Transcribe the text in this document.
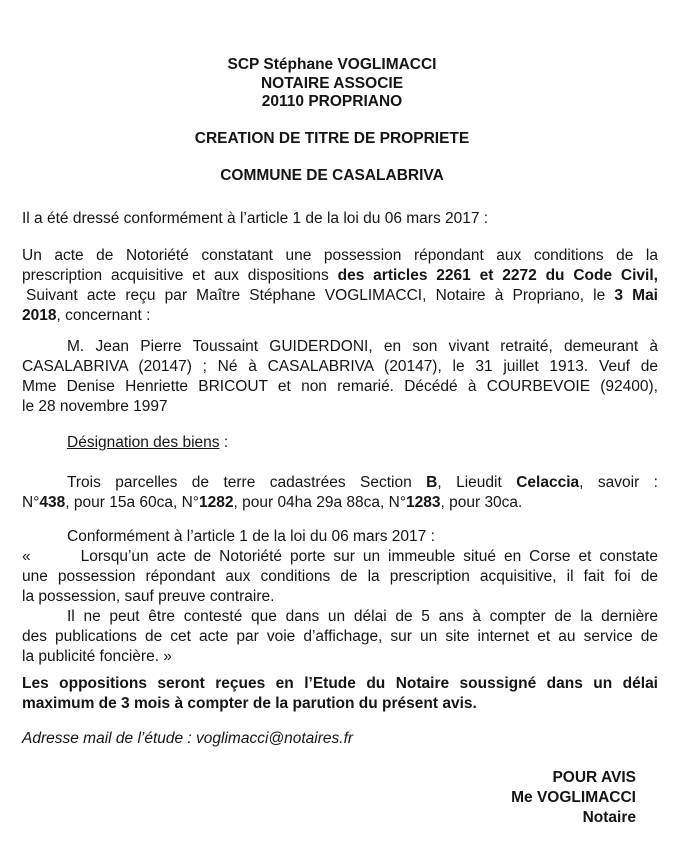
SCP Stéphane VOGLIMACCI
NOTAIRE ASSOCIE
20110 PROPRIANO
CREATION DE TITRE DE PROPRIETE
COMMUNE DE CASALABRIVA
Il a été dressé conformément à l’article 1 de la loi du 06 mars 2017 :
Un acte de Notoriété constatant une possession répondant aux conditions de la
prescription acquisitive et aux dispositions des articles 2261 et 2272 du Code Civil,
Suivant acte reçu par Maître Stéphane VOGLIMACCI, Notaire à Propriano, le 3 Mai
2018, concernant :
M. Jean Pierre Toussaint GUIDERDONI, en son vivant retraité, demeurant à
CASALABRIVA (20147) ; Né à CASALABRIVA (20147), le 31 juillet 1913. Veuf de
Mme Denise Henriette BRICOUT et non remarié. Décédé à COURBEVOIE (92400),
le 28 novembre 1997
Désignation des biens :
Trois parcelles de terre cadastrées Section B, Lieudit Celaccia, savoir :
N°438, pour 15a 60ca, N°1282, pour 04ha 29a 88ca, N°1283, pour 30ca.
Conformément à l’article 1 de la loi du 06 mars 2017 :
«	Lorsqu’un acte de Notoriété porte sur un immeuble situé en Corse et constate
une possession répondant aux conditions de la prescription acquisitive, il fait foi de
la possession, sauf preuve contraire.
Il ne peut être contesté que dans un délai de 5 ans à compter de la dernière
des publications de cet acte par voie d’affichage, sur un site internet et au service de
la publicité foncière. »
Les oppositions seront reçues en l’Etude du Notaire soussigné dans un délai
maximum de 3 mois à compter de la parution du présent avis.
Adresse mail de l’étude : voglimacci@notaires.fr
POUR AVIS
Me VOGLIMACCI
Notaire
